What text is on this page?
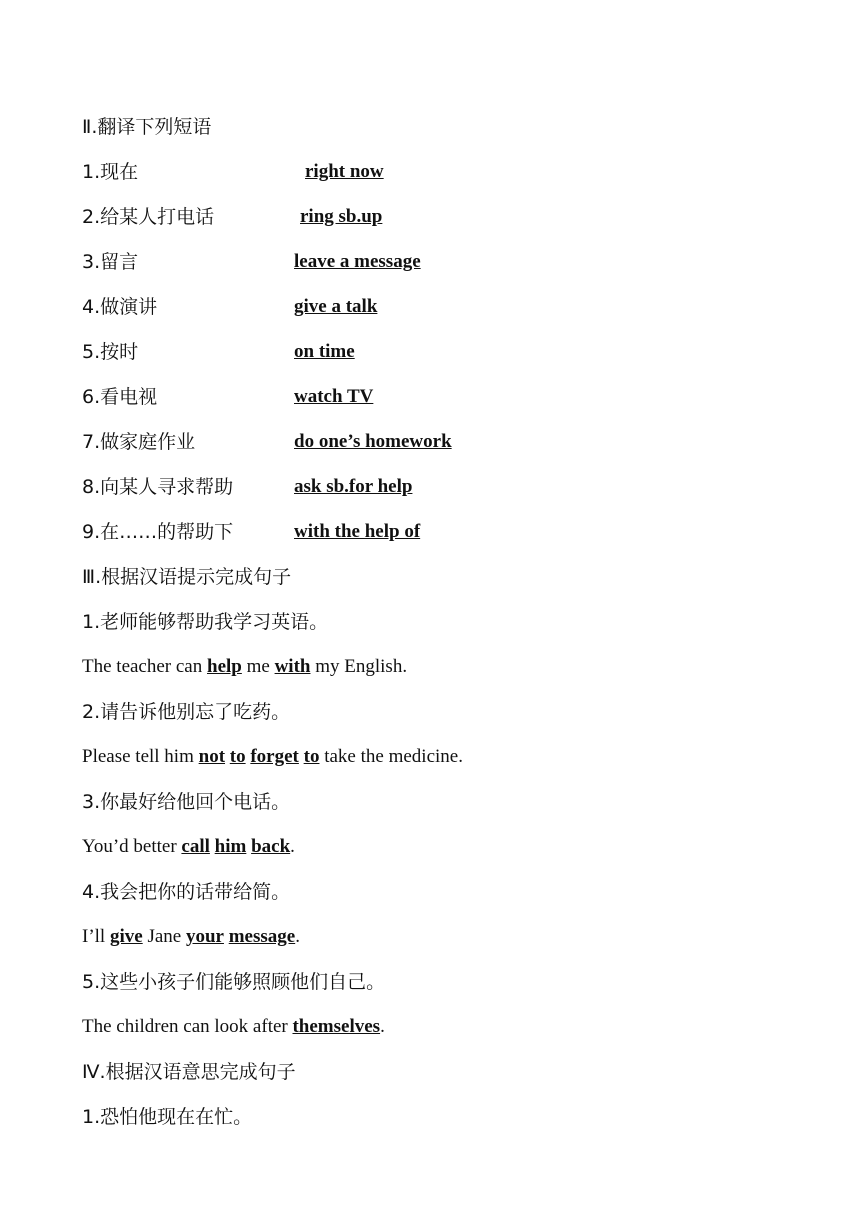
Ⅱ.翻译下列短语
1.现在	right now
2.给某人打电话	ring sb.up
3.留言	leave a message
4.做演讲	give a talk
5.按时	on time
6.看电视	watch TV
7.做家庭作业	do one’s homework
8.向某人寻求帮助	ask sb.for help
9.在……的帮助下	with the help of
Ⅲ.根据汉语提示完成句子
1.老师能够帮助我学习英语。
The teacher can help me with my English.
2.请告诉他别忘了吃药。
Please tell him not to forget to take the medicine.
3.你最好给他回个电话。
You’d better call him back.
4.我会把你的话带给简。
I’ll give Jane your message.
5.这些小孩子们能够照顾他们自己。
The children can look after themselves.
Ⅳ.根据汉语意思完成句子
1.恐怕他现在在忙。
